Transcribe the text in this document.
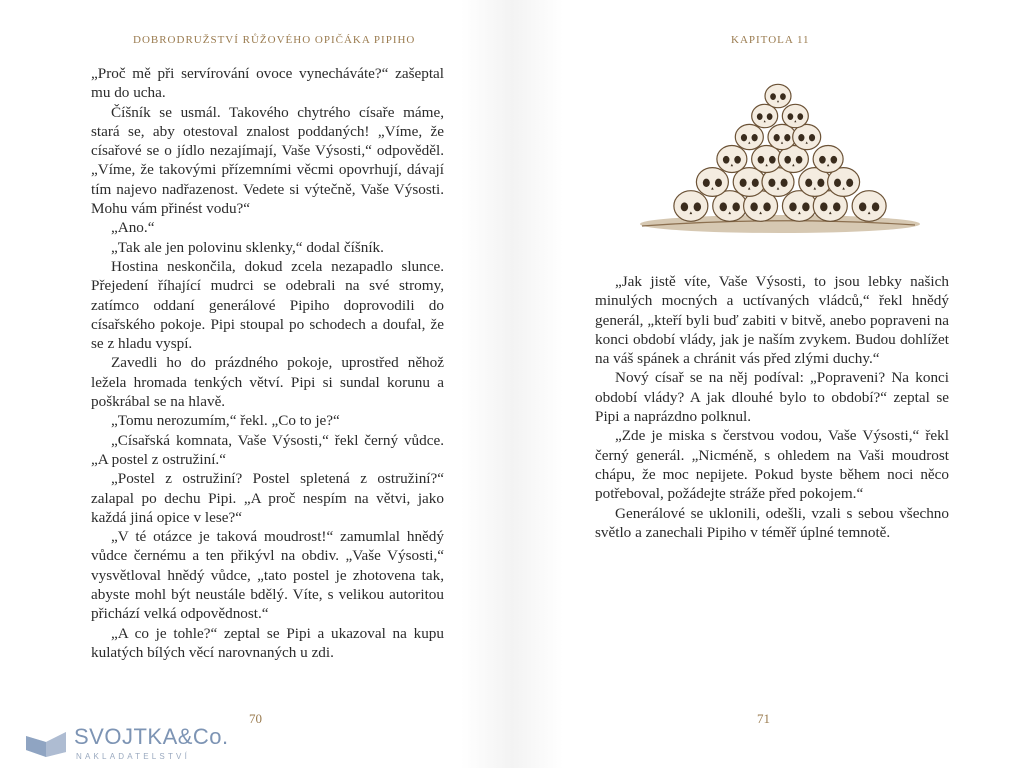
DOBRODRUŽSTVÍ RŮŽOVÉHO OPIČÁKA PIPIHO

„Proč mě při servírování ovoce vynecháváte?“ zašeptal mu do ucha.

Číšník se usmál. Takového chytrého císaře máme, stará se, aby otestoval znalost poddaných! „Víme, že císařové se o jídlo nezajímají, Vaše Výsosti,“ odpověděl. „Víme, že takovými přízemními věcmi opovrhují, dávají tím najevo nadřazenost. Vedete si výtečně, Vaše Výsosti. Mohu vám přinést vodu?“

„Ano.“

„Tak ale jen polovinu sklenky,“ dodal číšník.

Hostina neskončila, dokud zcela nezapadlo slunce. Přejedení říhající mudrci se odebrali na své stromy, zatímco oddaní generálové Pipiho doprovodili do císařského pokoje. Pipi stoupal po schodech a doufal, že se z hladu vyspí.

Zavedli ho do prázdného pokoje, uprostřed něhož ležela hromada tenkých větví. Pipi si sundal korunu a poškrábal se na hlavě.

„Tomu nerozumím,“ řekl. „Co to je?“

„Císařská komnata, Vaše Výsosti,“ řekl černý vůdce. „A postel z ostružiní.“

„Postel z ostružiní? Postel spletená z ostružiní?“ zalapal po dechu Pipi. „A proč nespím na větvi, jako každá jiná opice v lese?“

„V té otázce je taková moudrost!“ zamumlal hnědý vůdce černému a ten přikývl na obdiv. „Vaše Výsosti,“ vysvětloval hnědý vůdce, „tato postel je zhotovena tak, abyste mohl být neustále bdělý. Víte, s velikou autoritou přichází velká odpovědnost.“

„A co je tohle?“ zeptal se Pipi a ukazoval na kupu kulatých bílých věcí narovnaných u zdi.

70
KAPITOLA 11

„Jak jistě víte, Vaše Výsosti, to jsou lebky našich minulých mocných a uctívaných vládců,“ řekl hnědý generál, „kteří byli buď zabiti v bitvě, anebo popraveni na konci období vlády, jak je naším zvykem. Budou dohlížet na váš spánek a chránit vás před zlými duchy.“

Nový císař se na něj podíval: „Popraveni? Na konci období vlády? A jak dlouhé bylo to období?“ zeptal se Pipi a naprázdno polknul.

„Zde je miska s čerstvou vodou, Vaše Výsosti,“ řekl černý generál. „Nicméně, s ohledem na Vaši moudrost chápu, že moc nepijete. Pokud byste během noci něco potřeboval, požádejte stráže před pokojem.“

Generálové se uklonili, odešli, vzali s sebou všechno světlo a zanechali Pipiho v téměř úplné temnotě.

71
SVOJTKA&Co.
NAKLADATELSTVÍ
